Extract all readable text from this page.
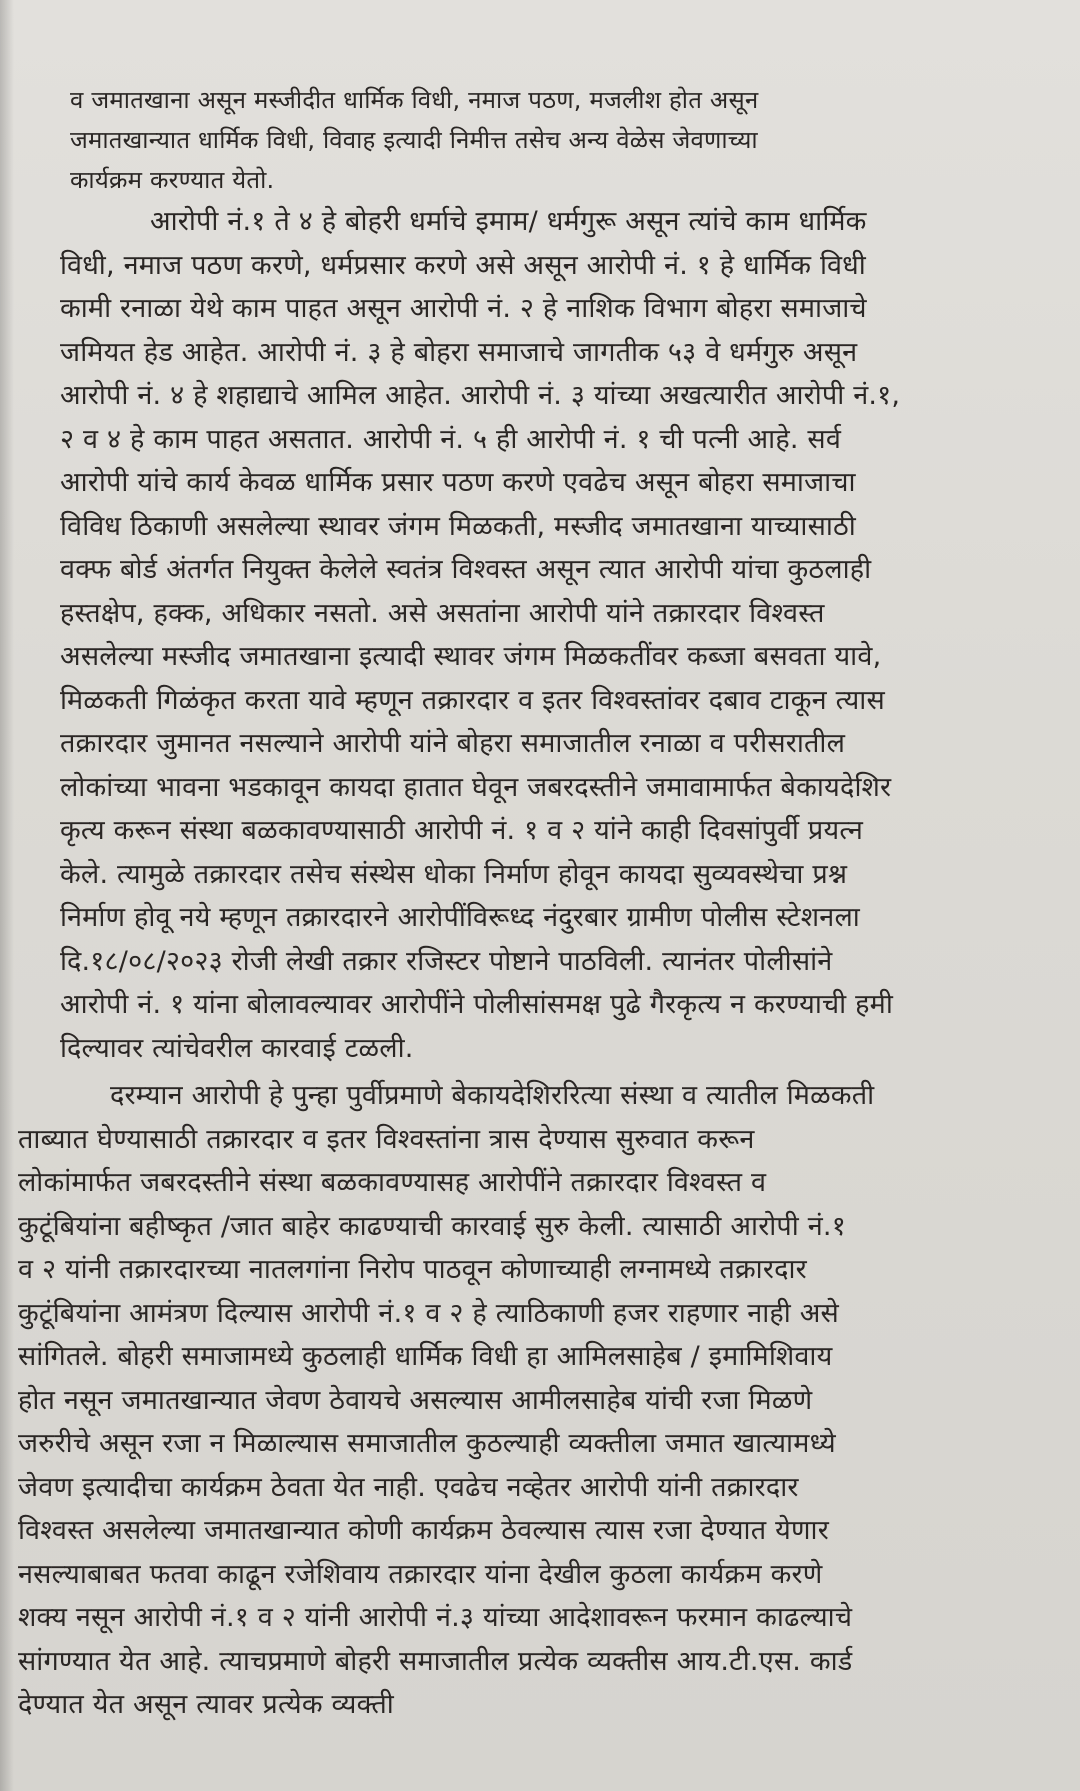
व जमातखाना असून मस्जीदीत धार्मिक विधी, नमाज पठण, मजलीश होत असून
जमातखान्यात धार्मिक विधी, विवाह इत्यादी निमीत्त तसेच अन्य वेळेस जेवणाच्या
कार्यक्रम करण्यात येतो.
आरोपी नं.१ ते ४ हे बोहरी धर्माचे इमाम/ धर्मगुरू असून त्यांचे काम धार्मिक
विधी, नमाज पठण करणे, धर्मप्रसार करणे असे असून आरोपी नं. १ हे धार्मिक विधी
कामी रनाळा येथे काम पाहत असून आरोपी नं. २ हे नाशिक विभाग बोहरा समाजाचे
जमियत हेड आहेत. आरोपी नं. ३ हे बोहरा समाजाचे जागतीक ५३ वे धर्मगुरु असून
आरोपी नं. ४ हे शहाद्याचे आमिल आहेत. आरोपी नं. ३ यांच्या अखत्यारीत आरोपी नं.१,
२ व ४ हे काम पाहत असतात. आरोपी नं. ५ ही आरोपी नं. १ ची पत्नी आहे. सर्व
आरोपी यांचे कार्य केवळ धार्मिक प्रसार पठण करणे एवढेच असून बोहरा समाजाचा
विविध ठिकाणी असलेल्या स्थावर जंगम मिळकती, मस्जीद जमातखाना याच्यासाठी
वक्फ बोर्ड अंतर्गत नियुक्त केलेले स्वतंत्र विश्वस्त असून त्यात आरोपी यांचा कुठलाही
हस्तक्षेप, हक्क, अधिकार नसतो. असे असतांना आरोपी यांने तक्रारदार विश्वस्त
असलेल्या मस्जीद जमातखाना इत्यादी स्थावर जंगम मिळकतींवर कब्जा बसवता यावे,
मिळकती गिळंकृत करता यावे म्हणून तक्रारदार व इतर विश्वस्तांवर दबाव टाकून त्यास
तक्रारदार जुमानत नसल्याने आरोपी यांने बोहरा समाजातील रनाळा व परीसरातील
लोकांच्या भावना भडकावून कायदा हातात घेवून जबरदस्तीने जमावामार्फत बेकायदेशिर
कृत्य करून संस्था बळकावण्यासाठी आरोपी नं. १ व २ यांने काही दिवसांपुर्वी प्रयत्न
केले. त्यामुळे तक्रारदार तसेच संस्थेस धोका निर्माण होवून कायदा सुव्यवस्थेचा प्रश्न
निर्माण होवू नये म्हणून तक्रारदारने आरोपींविरूध्द नंदुरबार ग्रामीण पोलीस स्टेशनला
दि.१८/०८/२०२३ रोजी लेखी तक्रार रजिस्टर पोष्टाने पाठविली. त्यानंतर पोलीसांने
आरोपी नं. १ यांना बोलावल्यावर आरोपींने पोलीसांसमक्ष पुढे गैरकृत्य न करण्याची हमी
दिल्यावर त्यांचेवरील कारवाई टळली.
दरम्यान आरोपी हे पुन्हा पुर्वीप्रमाणे बेकायदेशिररित्या संस्था व त्यातील मिळकती
ताब्यात घेण्यासाठी तक्रारदार व इतर विश्वस्तांना त्रास देण्यास सुरुवात करून
लोकांमार्फत जबरदस्तीने संस्था बळकावण्यासह आरोपींने तक्रारदार विश्वस्त व
कुटूंबियांना बहीष्कृत /जात बाहेर काढण्याची कारवाई सुरु केली. त्यासाठी आरोपी नं.१
व २ यांनी तक्रारदारच्या नातलगांना निरोप पाठवून कोणाच्याही लग्नामध्ये तक्रारदार
कुटूंबियांना आमंत्रण दिल्यास आरोपी नं.१ व २ हे त्याठिकाणी हजर राहणार नाही असे
सांगितले. बोहरी समाजामध्ये कुठलाही धार्मिक विधी हा आमिलसाहेब / इमामिशिवाय
होत नसून जमातखान्यात जेवण ठेवायचे असल्यास आमीलसाहेब यांची रजा मिळणे
जरुरीचे असून रजा न मिळाल्यास समाजातील कुठल्याही व्यक्तीला जमात खात्यामध्ये
जेवण इत्यादीचा कार्यक्रम ठेवता येत नाही. एवढेच नव्हेतर आरोपी यांनी तक्रारदार
विश्वस्त असलेल्या जमातखान्यात कोणी कार्यक्रम ठेवल्यास त्यास रजा देण्यात येणार
नसल्याबाबत फतवा काढून रजेशिवाय तक्रारदार यांना देखील कुठला कार्यक्रम करणे
शक्य नसून आरोपी नं.१ व २ यांनी आरोपी नं.३ यांच्या आदेशावरून फरमान काढल्याचे
सांगण्यात येत आहे. त्याचप्रमाणे बोहरी समाजातील प्रत्येक व्यक्तीस आय.टी.एस. कार्ड
देण्यात येत असून त्यावर प्रत्येक व्यक्ती
